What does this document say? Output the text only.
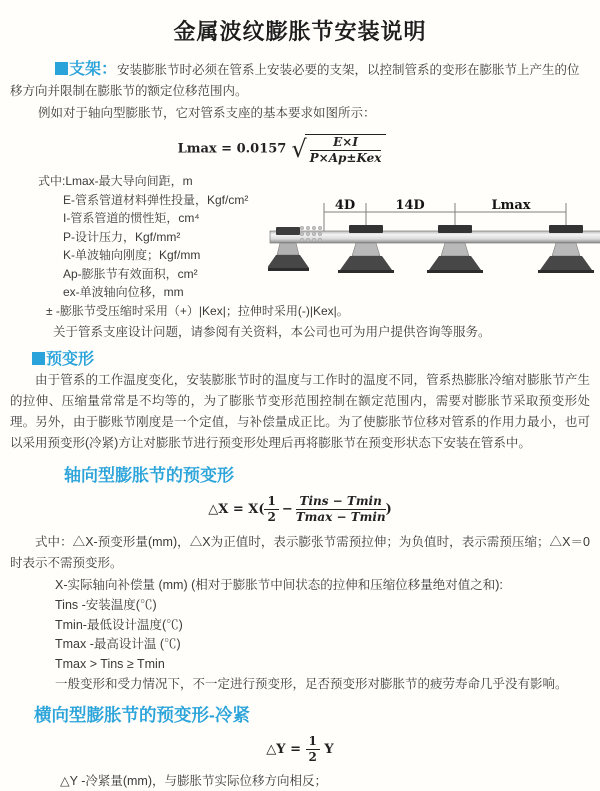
金属波纹膨胀节安装说明

支架：安装膨胀节时必须在管系上安装必要的支架，以控制管系的变形在膨胀节上产生的位移方向并限制在膨胀节的额定位移范围内。

例如对于轴向型膨胀节，它对管系支座的基本要求如图所示：

Lmax = 0.0157 √
$\frac{E\times I}{\text{P×Ap±Kex}}$
式中:Lmax-最大导向间距，m
E-管系管道材料弹性投量，Kgf/cm²
I-管系管道的惯性矩，cm⁴
P-设计压力，Kgf/mm²
K-单波轴向刚度；Kgf/mm
Ap-膨胀节有效面积，cm²
ex-单波轴向位移，mm
± -膨胀节受压缩时采用（+）|Kex|；拉伸时采用(-)|Kex|。

关于管系支座设计问题，请参阅有关资料，本公司也可为用户提供咨询等服务。

4D	14D	Lmax
预变形

由于管系的工作温度变化，安装膨胀节时的温度与工作时的温度不同，管系热膨胀冷缩对膨胀节产生的拉伸、压缩量常常是不均等的，为了膨胀节变形范围控制在额定范围内，需要对膨胀节采取预变形处理。另外，由于膨账节刚度是一个定值，与补偿量成正比。为了使膨胀节位移对管系的作用力最小，也可以采用预变形(冷紧)方让对膨胀节进行预变形处理后再将膨胀节在预变形状态下安装在管系中。

轴向型膨胀节的预变形
△X = $X( \frac{1}{2} - \frac{\text{Tins − Tmin}}{Tmax - Tmin}$ )

式中：△X-预变形量(mm)，△X为正值时，表示膨张节需预拉伸；为负值时，表示需预压缩；△X＝0时表示不需预变形。

X-实际轴向补偿量 (mm) (相对于膨胀节中间状态的拉伸和压缩位移量绝对值之和):
Tins -安装温度(℃)
Tmin-最低设计温度(℃)
Tmax -最高设计温 (℃)
Tmax > Tins ≥ Tmin
一般变形和受力情况下，不一定进行预变形，足否预变形对膨胀节的疲劳寿命几乎没有影响。
横向型膨胀节的预变形-冷紧
△Y = $\frac{1}{2}$ Y

△Y -冷紧量(mm)，与膨胀节实际位移方向相反；
